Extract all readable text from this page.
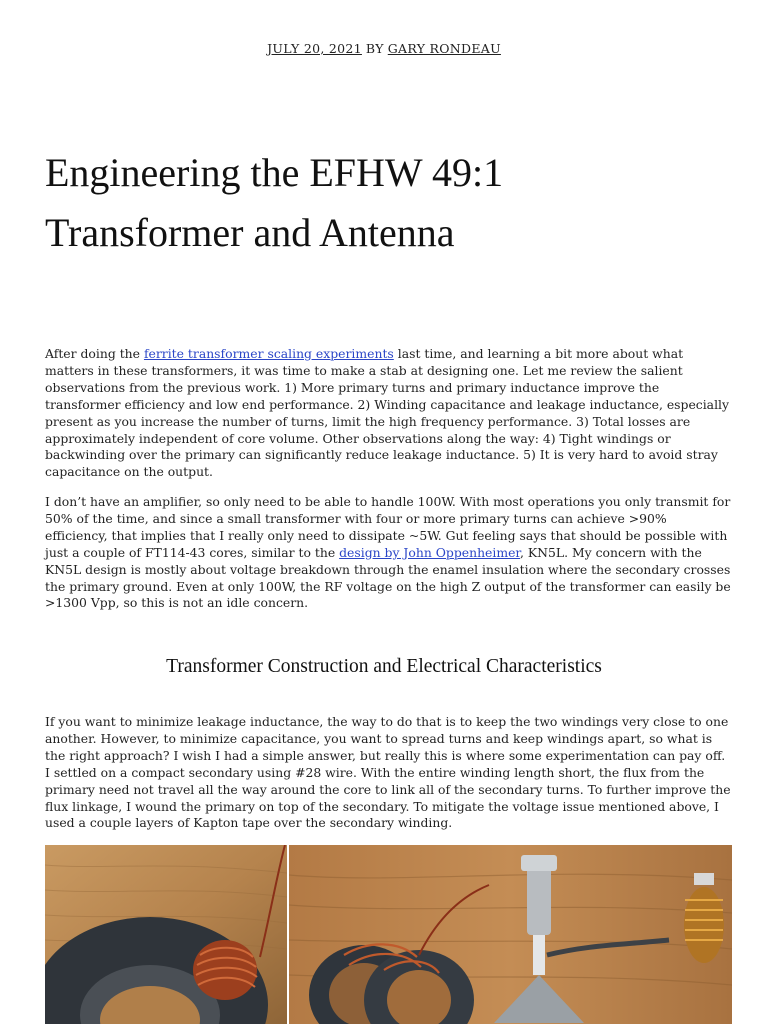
JULY 20, 2021 BY GARY RONDEAU
Engineering the EFHW 49:1
Transformer and Antenna

After doing the ferrite transformer scaling experiments last time, and learning a bit more about what matters in these transformers, it was time to make a stab at designing one. Let me review the salient observations from the previous work. 1) More primary turns and primary inductance improve the transformer efficiency and low end performance. 2) Winding capacitance and leakage inductance, especially present as you increase the number of turns, limit the high frequency performance. 3) Total losses are approximately independent of core volume. Other observations along the way: 4) Tight windings or backwinding over the primary can significantly reduce leakage inductance. 5) It is very hard to avoid stray capacitance on the output.

I don’t have an amplifier, so only need to be able to handle 100W. With most operations you only transmit for 50% of the time, and since a small transformer with four or more primary turns can achieve >90% efficiency, that implies that I really only need to dissipate ~5W. Gut feeling says that should be possible with just a couple of FT114-43 cores, similar to the design by John Oppenheimer, KN5L. My concern with the KN5L design is mostly about voltage breakdown through the enamel insulation where the secondary crosses the primary ground. Even at only 100W, the RF voltage on the high Z output of the transformer can easily be >1300 Vpp, so this is not an idle concern.

Transformer Construction and Electrical Characteristics

If you want to minimize leakage inductance, the way to do that is to keep the two windings very close to one another. However, to minimize capacitance, you want to spread turns and keep windings apart, so what is the right approach? I wish I had a simple answer, but really this is where some experimentation can pay off. I settled on a compact secondary using #28 wire. With the entire winding length short, the flux from the primary need not travel all the way around the core to link all of the secondary turns. To further improve the flux linkage, I wound the primary on top of the secondary. To mitigate the voltage issue mentioned above, I used a couple layers of Kapton tape over the secondary winding.
